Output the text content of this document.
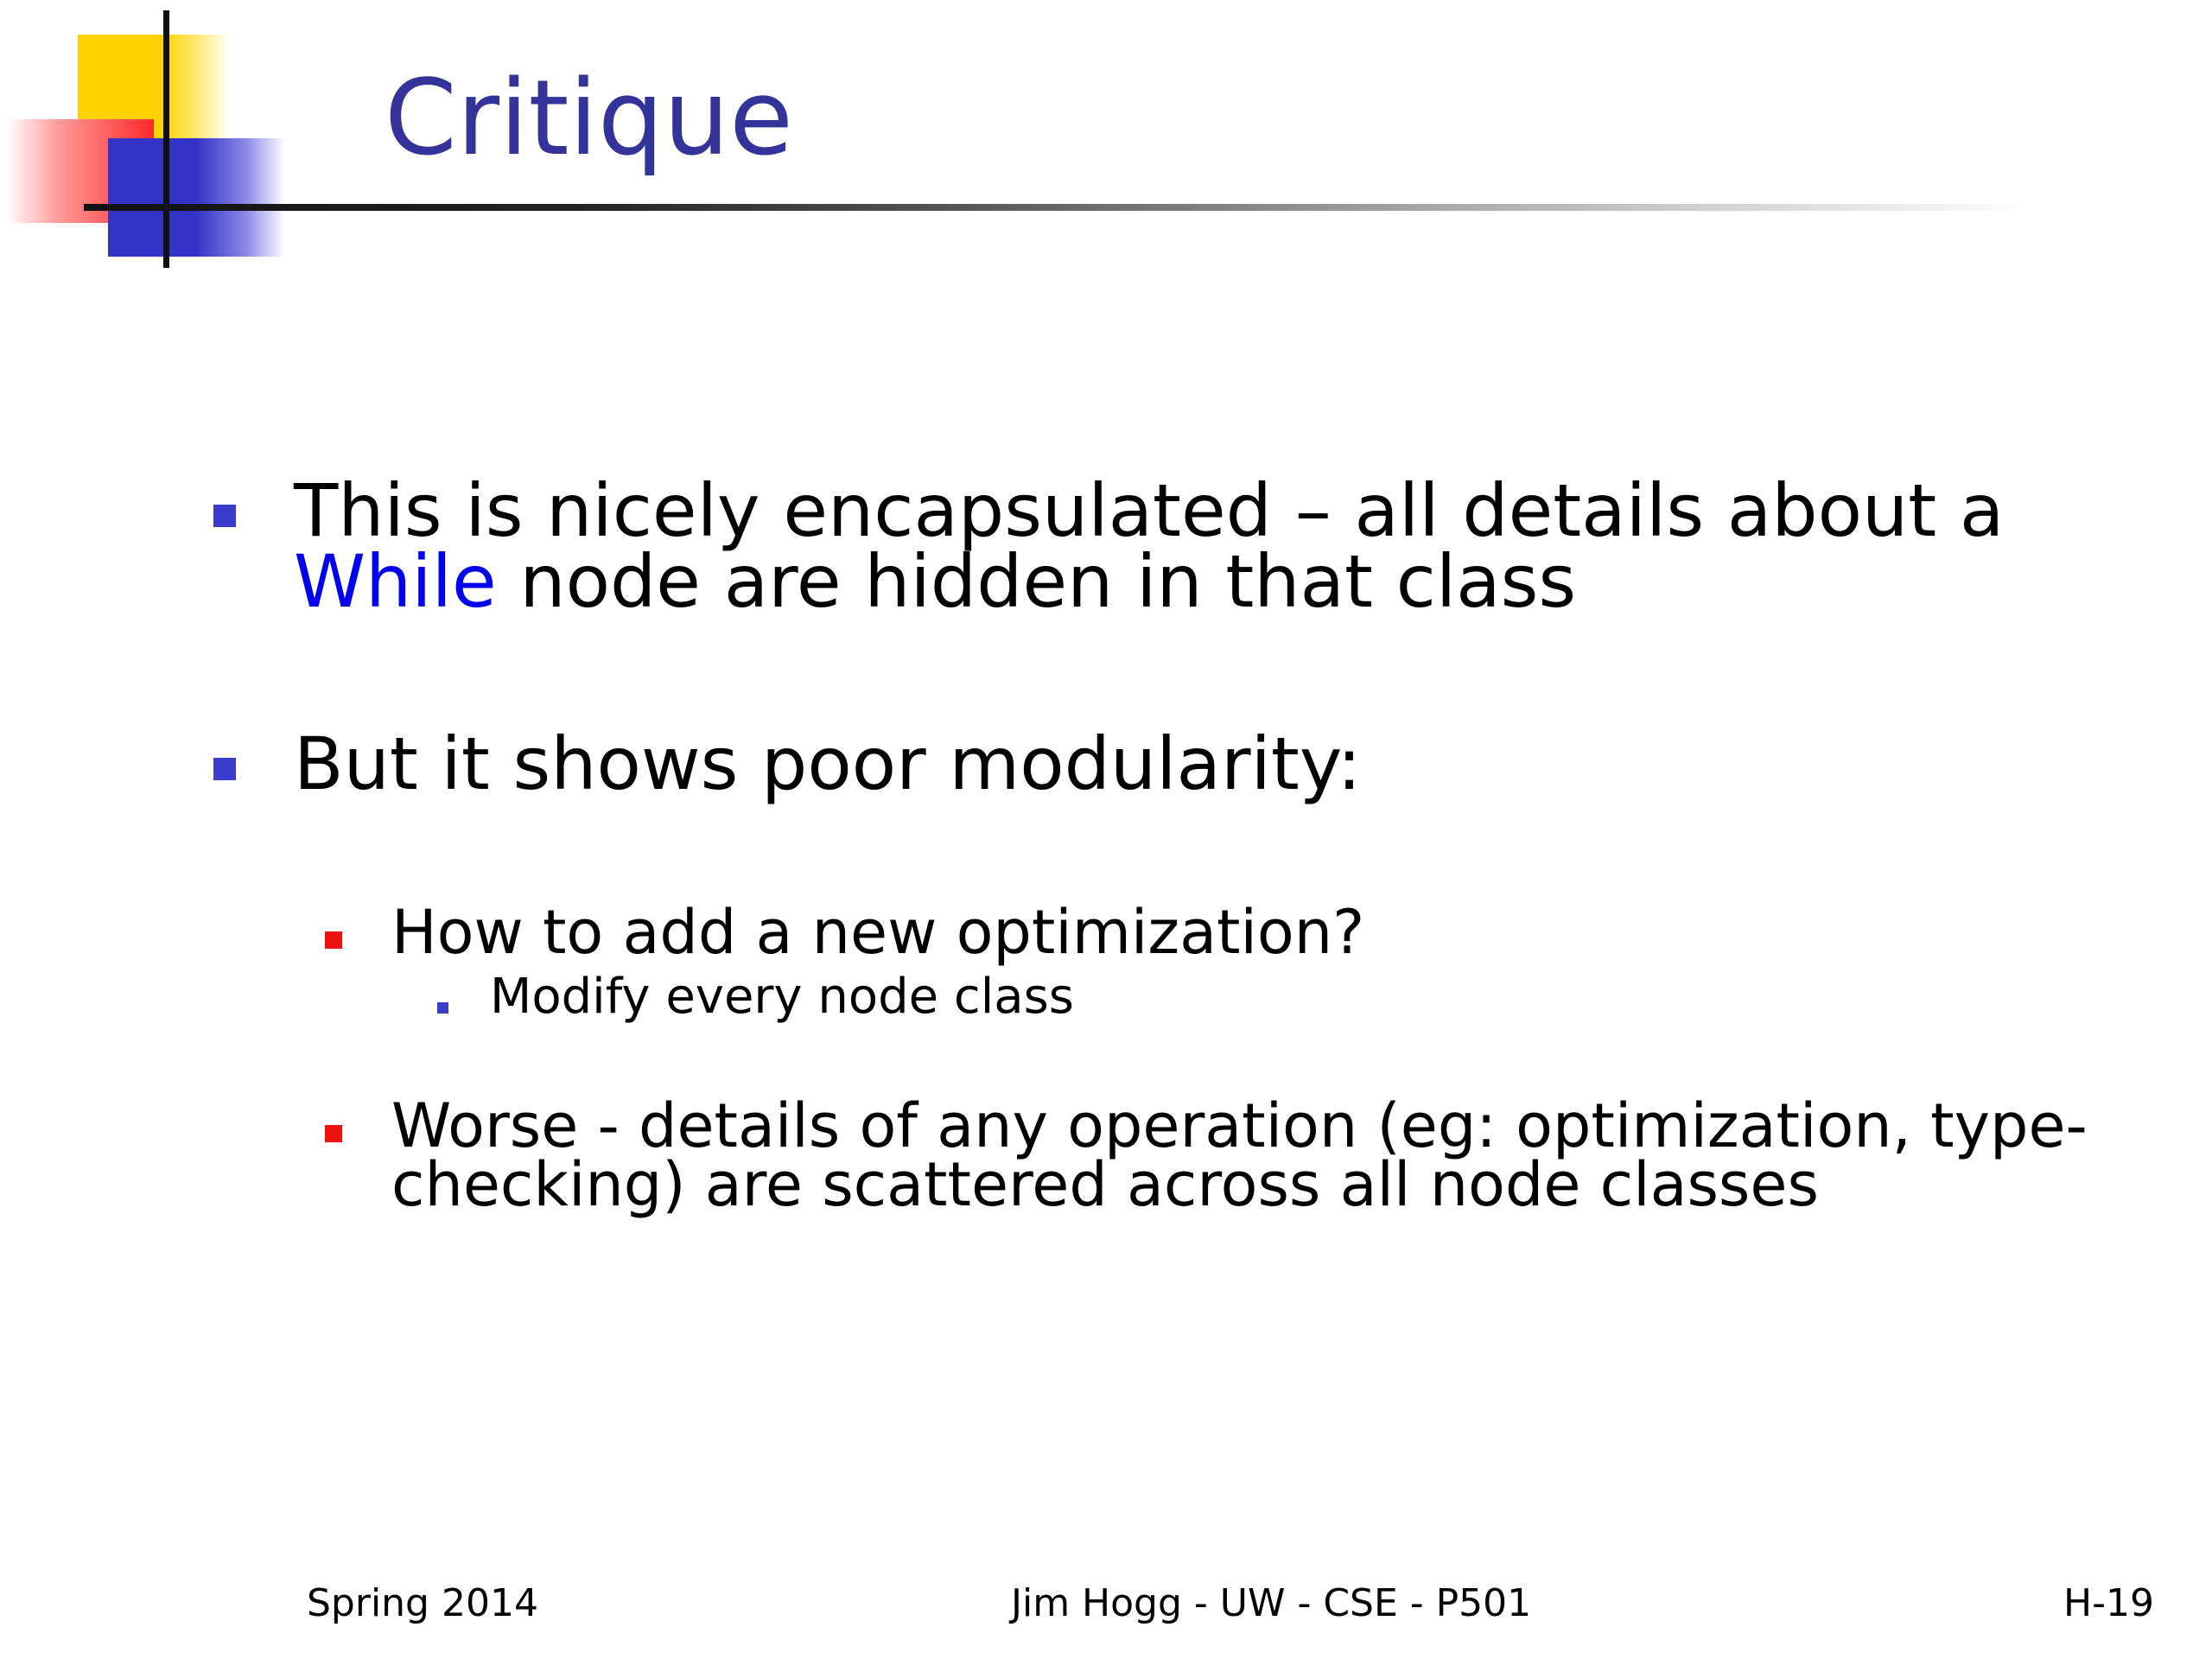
Critique
This is nicely encapsulated – all details about a
While node are hidden in that class
But it shows poor modularity:
How to add a new optimization?
Modify every node class
Worse - details of any operation (eg: optimization, type-
checking) are scattered across all node classes
Spring 2014	Jim Hogg - UW - CSE - P501	H-19
